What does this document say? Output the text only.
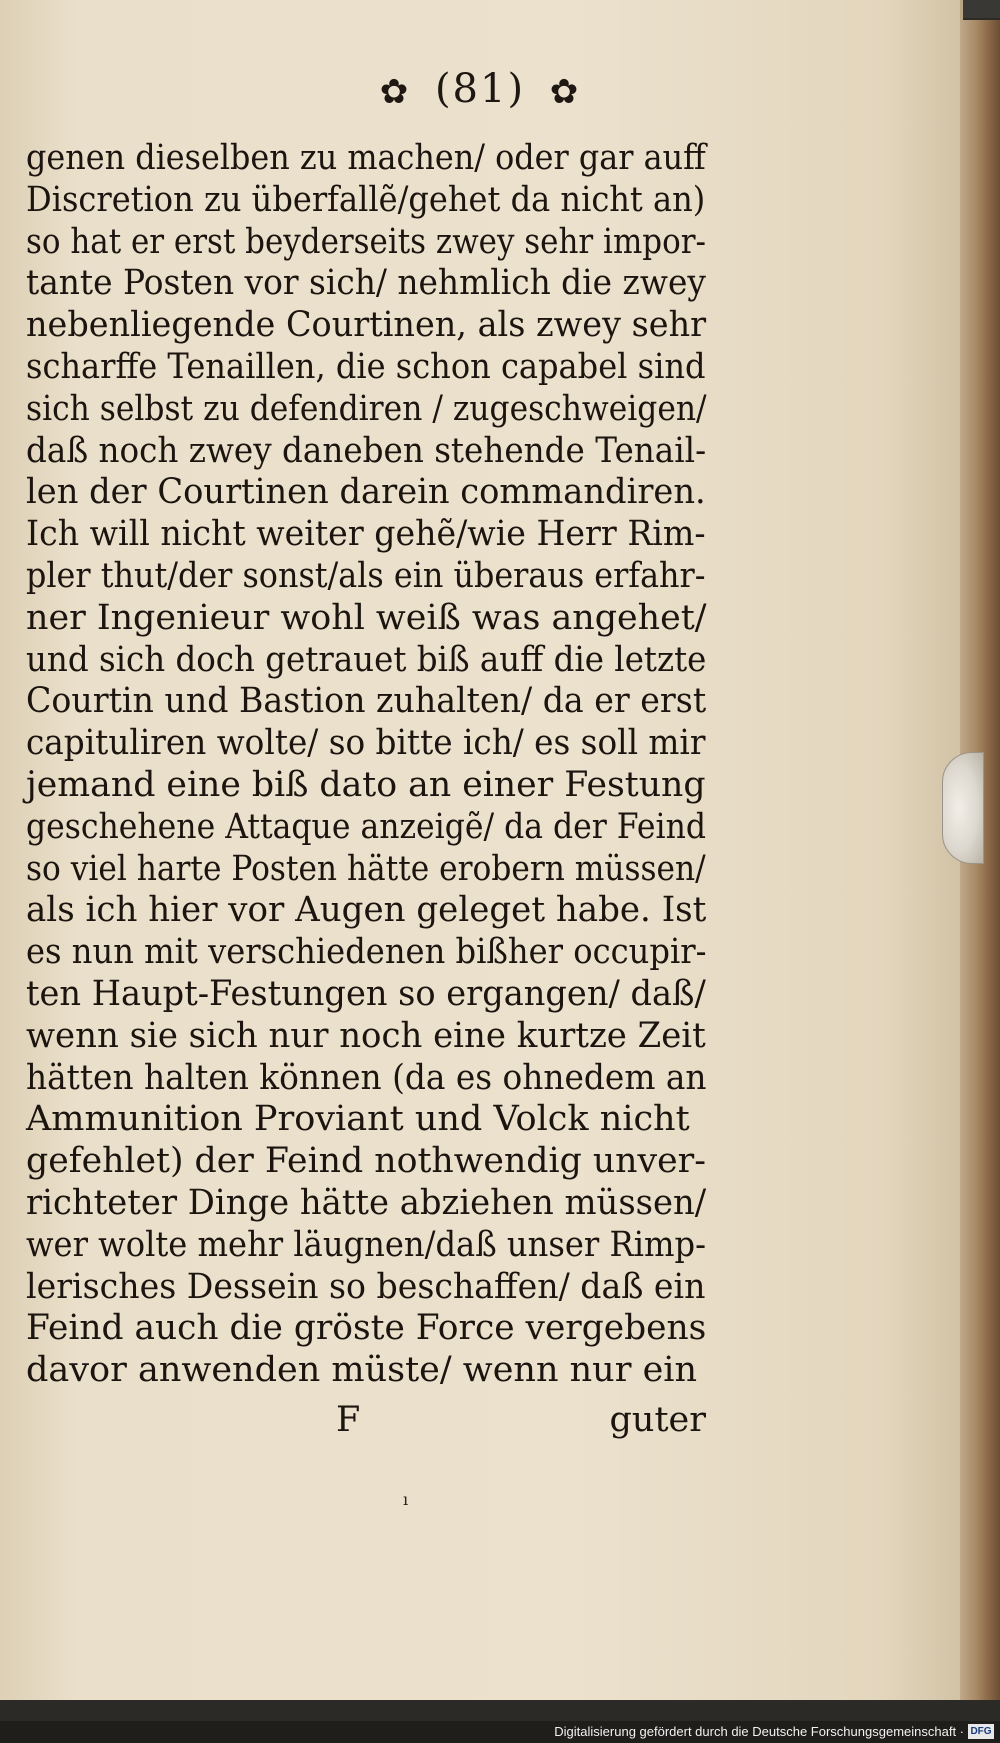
✿ (81) ✿
genen dieselben zu machen/ oder gar auff
Discretion zu überfallẽ/gehet da nicht an)
so hat er erst beyderseits zwey sehr impor-
tante Posten vor sich/ nehmlich die zwey
nebenliegende Courtinen, als zwey sehr
scharffe Tenaillen, die schon capabel sind
sich selbst zu defendiren / zugeschweigen/
daß noch zwey daneben stehende Tenail-
len der Courtinen darein commandiren.
Ich will nicht weiter gehẽ/wie Herr Rim-
pler thut/der sonst/als ein überaus erfahr-
ner Ingenieur wohl weiß was angehet/
und sich doch getrauet biß auff die letzte
Courtin und Bastion zuhalten/ da er erst
capituliren wolte/ so bitte ich/ es soll mir
jemand eine biß dato an einer Festung
geschehene Attaque anzeigẽ/ da der Feind
so viel harte Posten hätte erobern müssen/
als ich hier vor Augen geleget habe. Ist
es nun mit verschiedenen bißher occupir-
ten Haupt-Festungen so ergangen/ daß/
wenn sie sich nur noch eine kurtze Zeit
hätten halten können (da es ohnedem an
Ammunition Proviant und Volck nicht
gefehlet) der Feind nothwendig unver-
richteter Dinge hätte abziehen müssen/
wer wolte mehr läugnen/daß unser Rimp-
lerisches Dessein so beschaffen/ daß ein
Feind auch die gröste Force vergebens
davor anwenden müste/ wenn nur ein
F	guter
ı
Digitalisierung gefördert durch die Deutsche Forschungsgemeinschaft · DFG
